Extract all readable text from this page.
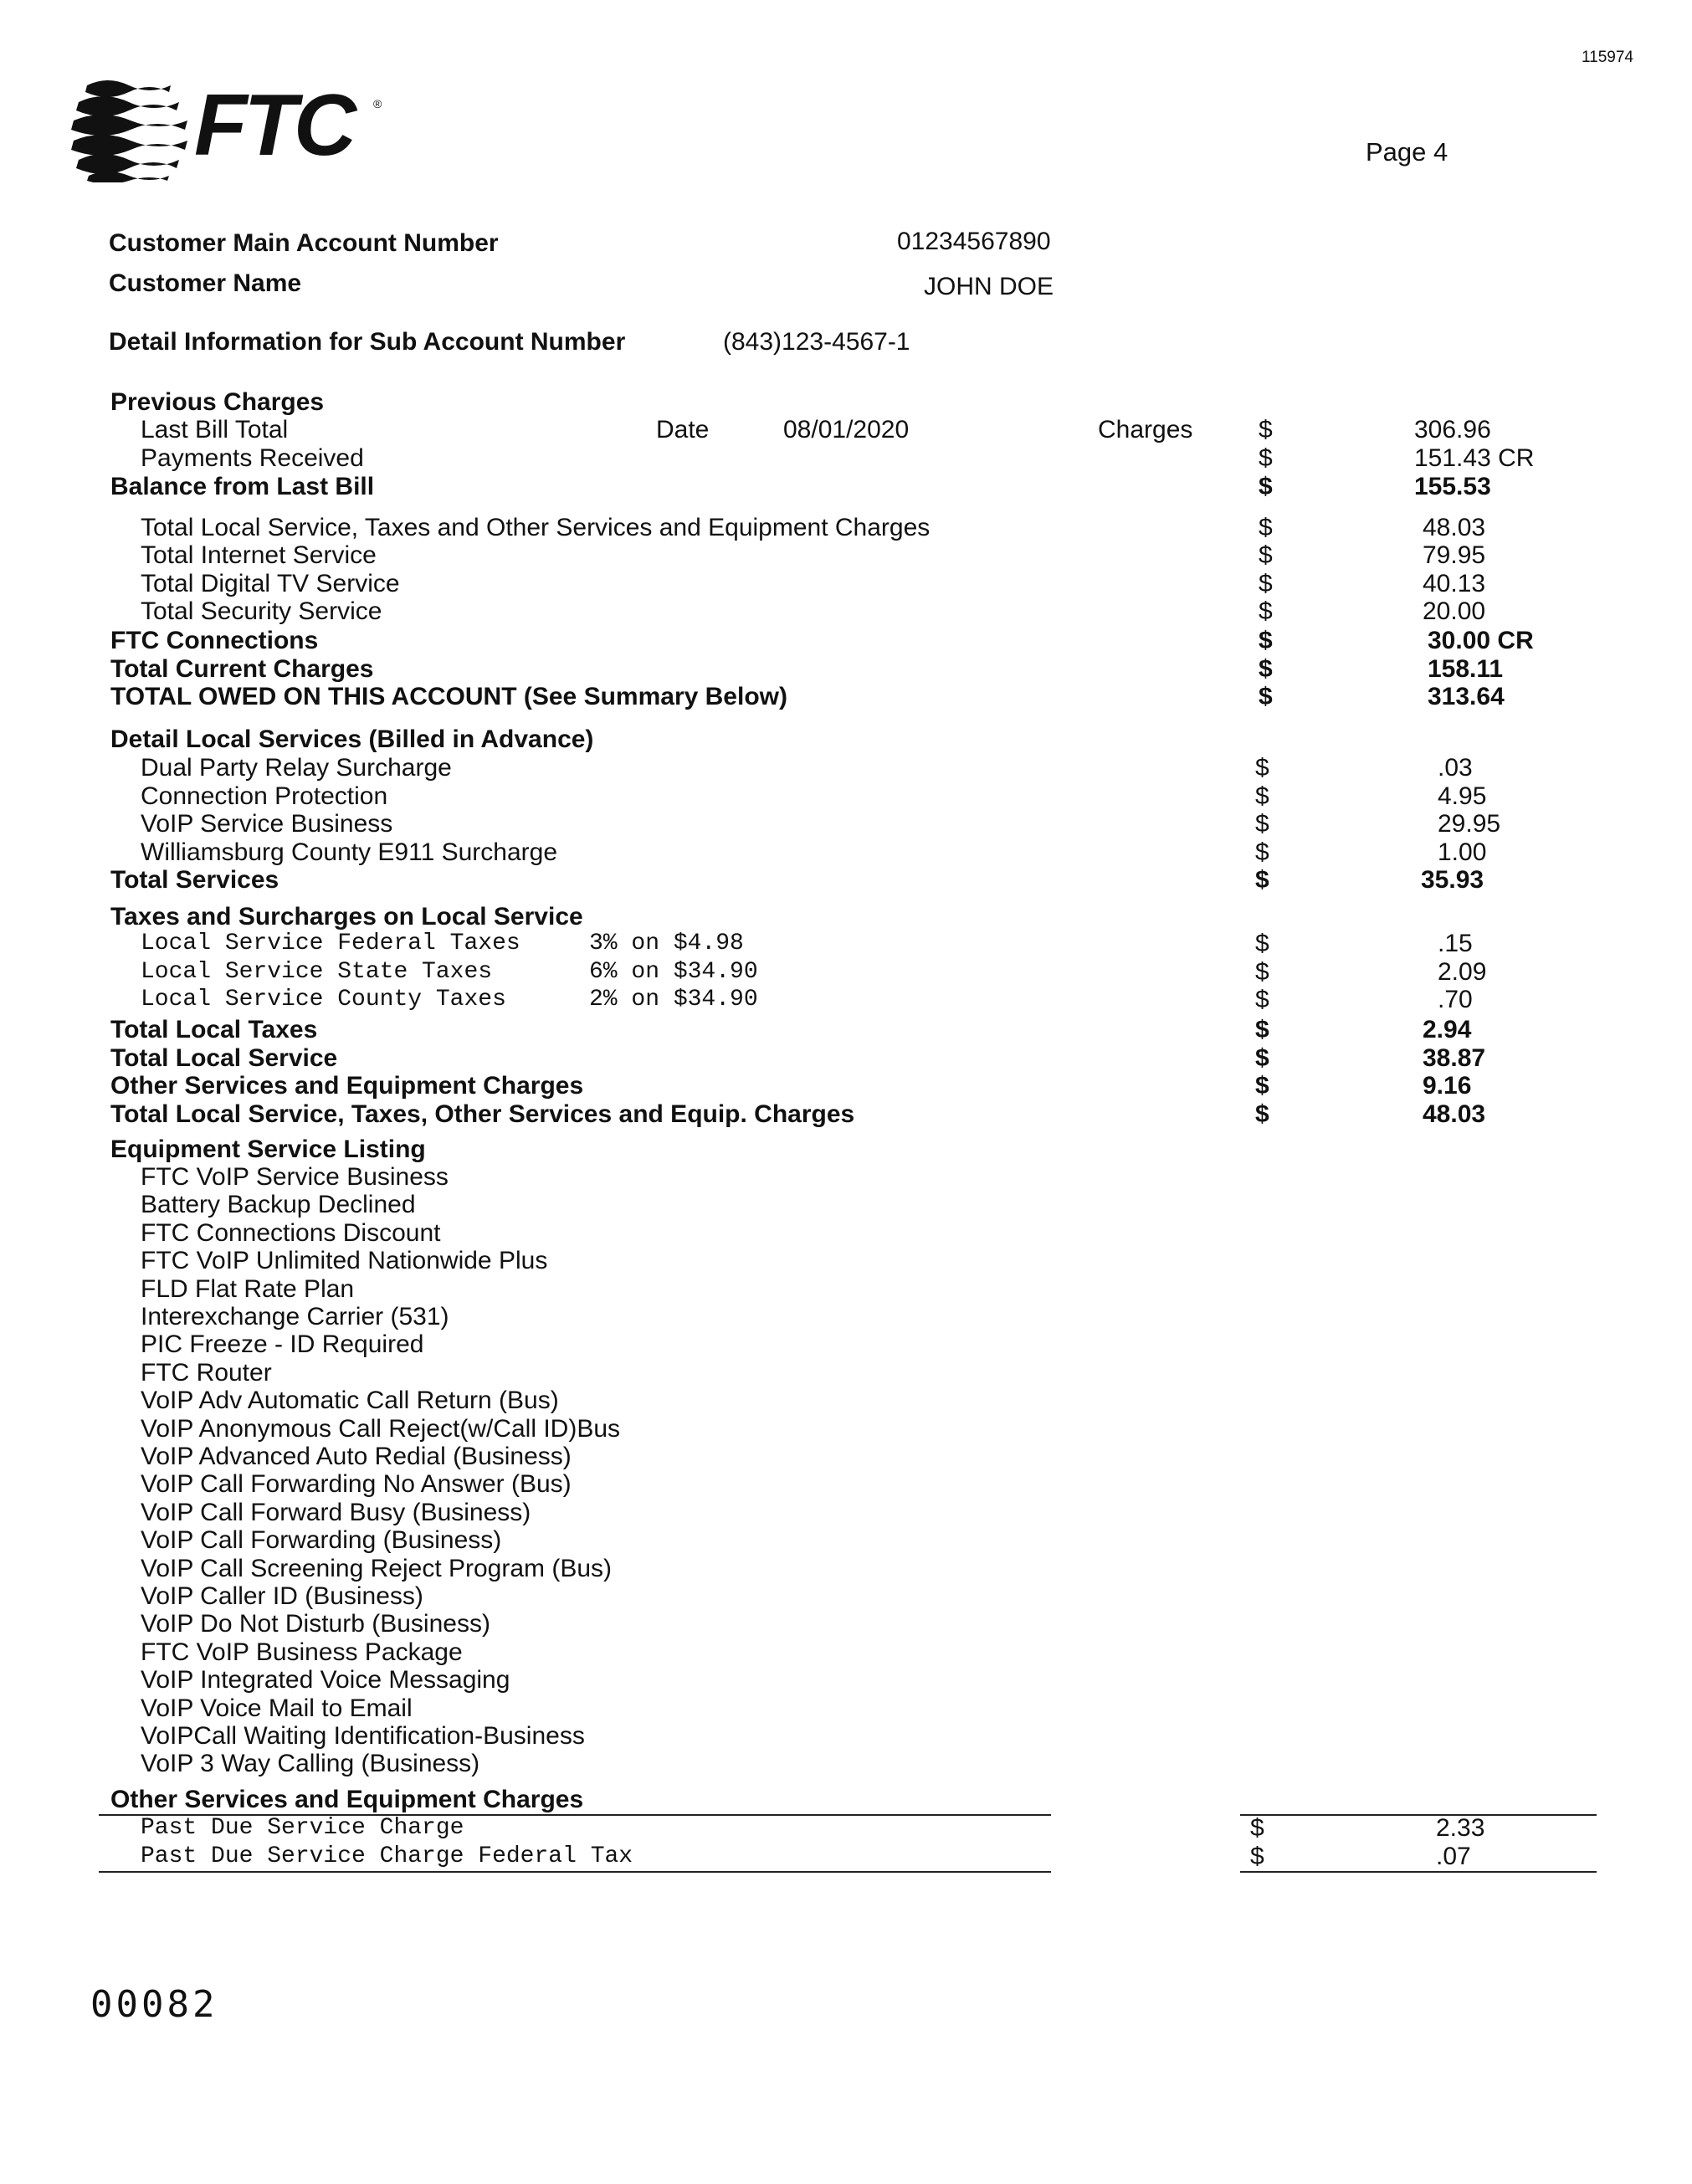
115974
FTC ®
Page 4
Customer Main Account Number	01234567890
Customer Name	JOHN DOE
Detail Information for Sub Account Number	(843)123-4567-1
Previous Charges
Last Bill Total	Date	08/01/2020	Charges	$	306.96
Payments Received	$	151.43 CR
Balance from Last Bill	$	155.53
Total Local Service, Taxes and Other Services and Equipment Charges	$	48.03
Total Internet Service	$	79.95
Total Digital TV Service	$	40.13
Total Security Service	$	20.00
FTC Connections	$	30.00 CR
Total Current Charges	$	158.11
TOTAL OWED ON THIS ACCOUNT (See Summary Below)	$	313.64
Detail Local Services (Billed in Advance)
Dual Party Relay Surcharge	$	.03
Connection Protection	$	4.95
VoIP Service Business	$	29.95
Williamsburg County E911 Surcharge	$	1.00
Total Services	$	35.93
Taxes and Surcharges on Local Service
Local Service Federal Taxes	3% on $4.98	$	.15
Local Service State Taxes	6% on $34.90	$	2.09
Local Service County Taxes	2% on $34.90	$	.70
Total Local Taxes	$	2.94
Total Local Service	$	38.87
Other Services and Equipment Charges	$	9.16
Total Local Service, Taxes, Other Services and Equip. Charges	$	48.03
Equipment Service Listing
FTC VoIP Service Business
Battery Backup Declined
FTC Connections Discount
FTC VoIP Unlimited Nationwide Plus
FLD Flat Rate Plan
Interexchange Carrier (531)
PIC Freeze - ID Required
FTC Router
VoIP Adv Automatic Call Return (Bus)
VoIP Anonymous Call Reject(w/Call ID)Bus
VoIP Advanced Auto Redial (Business)
VoIP Call Forwarding No Answer (Bus)
VoIP Call Forward Busy (Business)
VoIP Call Forwarding (Business)
VoIP Call Screening Reject Program (Bus)
VoIP Caller ID (Business)
VoIP Do Not Disturb (Business)
FTC VoIP Business Package
VoIP Integrated Voice Messaging
VoIP Voice Mail to Email
VoIPCall Waiting Identification-Business
VoIP 3 Way Calling (Business)
Other Services and Equipment Charges
Past Due Service Charge	$	2.33
Past Due Service Charge Federal Tax	$	.07
00082
